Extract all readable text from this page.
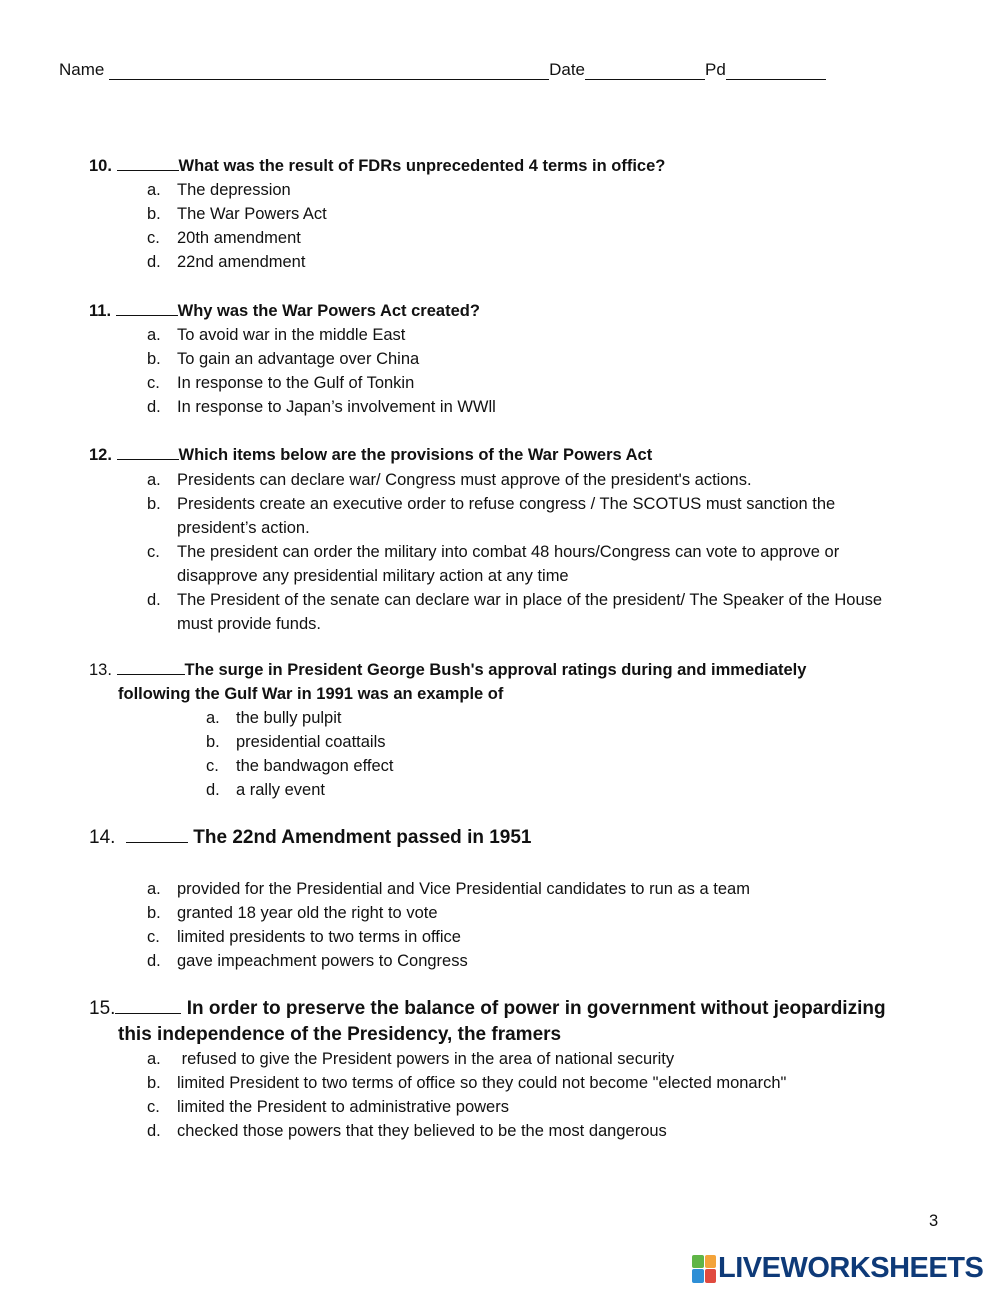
Name	Date	Pd
10.	What was the result of FDRs unprecedented 4 terms in office?
a. The depression
b. The War Powers Act
c. 20th amendment
d. 22nd amendment
11.	Why was the War Powers Act created?
a. To avoid war in the middle East
b. To gain an advantage over China
c. In response to the Gulf of Tonkin
d. In response to Japan’s involvement in WWll
12.	Which items below are the provisions of the War Powers Act
a. Presidents can declare war/ Congress must approve of the president's actions.
b. Presidents create an executive order to refuse congress / The SCOTUS must sanction the president’s action.
c. The president can order the military into combat 48 hours/Congress can vote to approve or disapprove any presidential military action at any time
d. The President of the senate can declare war in place of the president/ The Speaker of the House must provide funds.
13.	The surge in President George Bush's approval ratings during and immediately
following the Gulf War in 1991 was an example of
a. the bully pulpit
b. presidential coattails
c. the bandwagon effect
d. a rally event
14.	The 22nd Amendment passed in 1951
a. provided for the Presidential and Vice Presidential candidates to run as a team
b. granted 18 year old the right to vote
c. limited presidents to two terms in office
d. gave impeachment powers to Congress
15.	In order to preserve the balance of power in government without jeopardizing
this independence of the Presidency, the framers
a. refused to give the President powers in the area of national security
b. limited President to two terms of office so they could not become "elected monarch"
c. limited the President to administrative powers
d. checked those powers that they believed to be the most dangerous
3
LIVEWORKSHEETS
